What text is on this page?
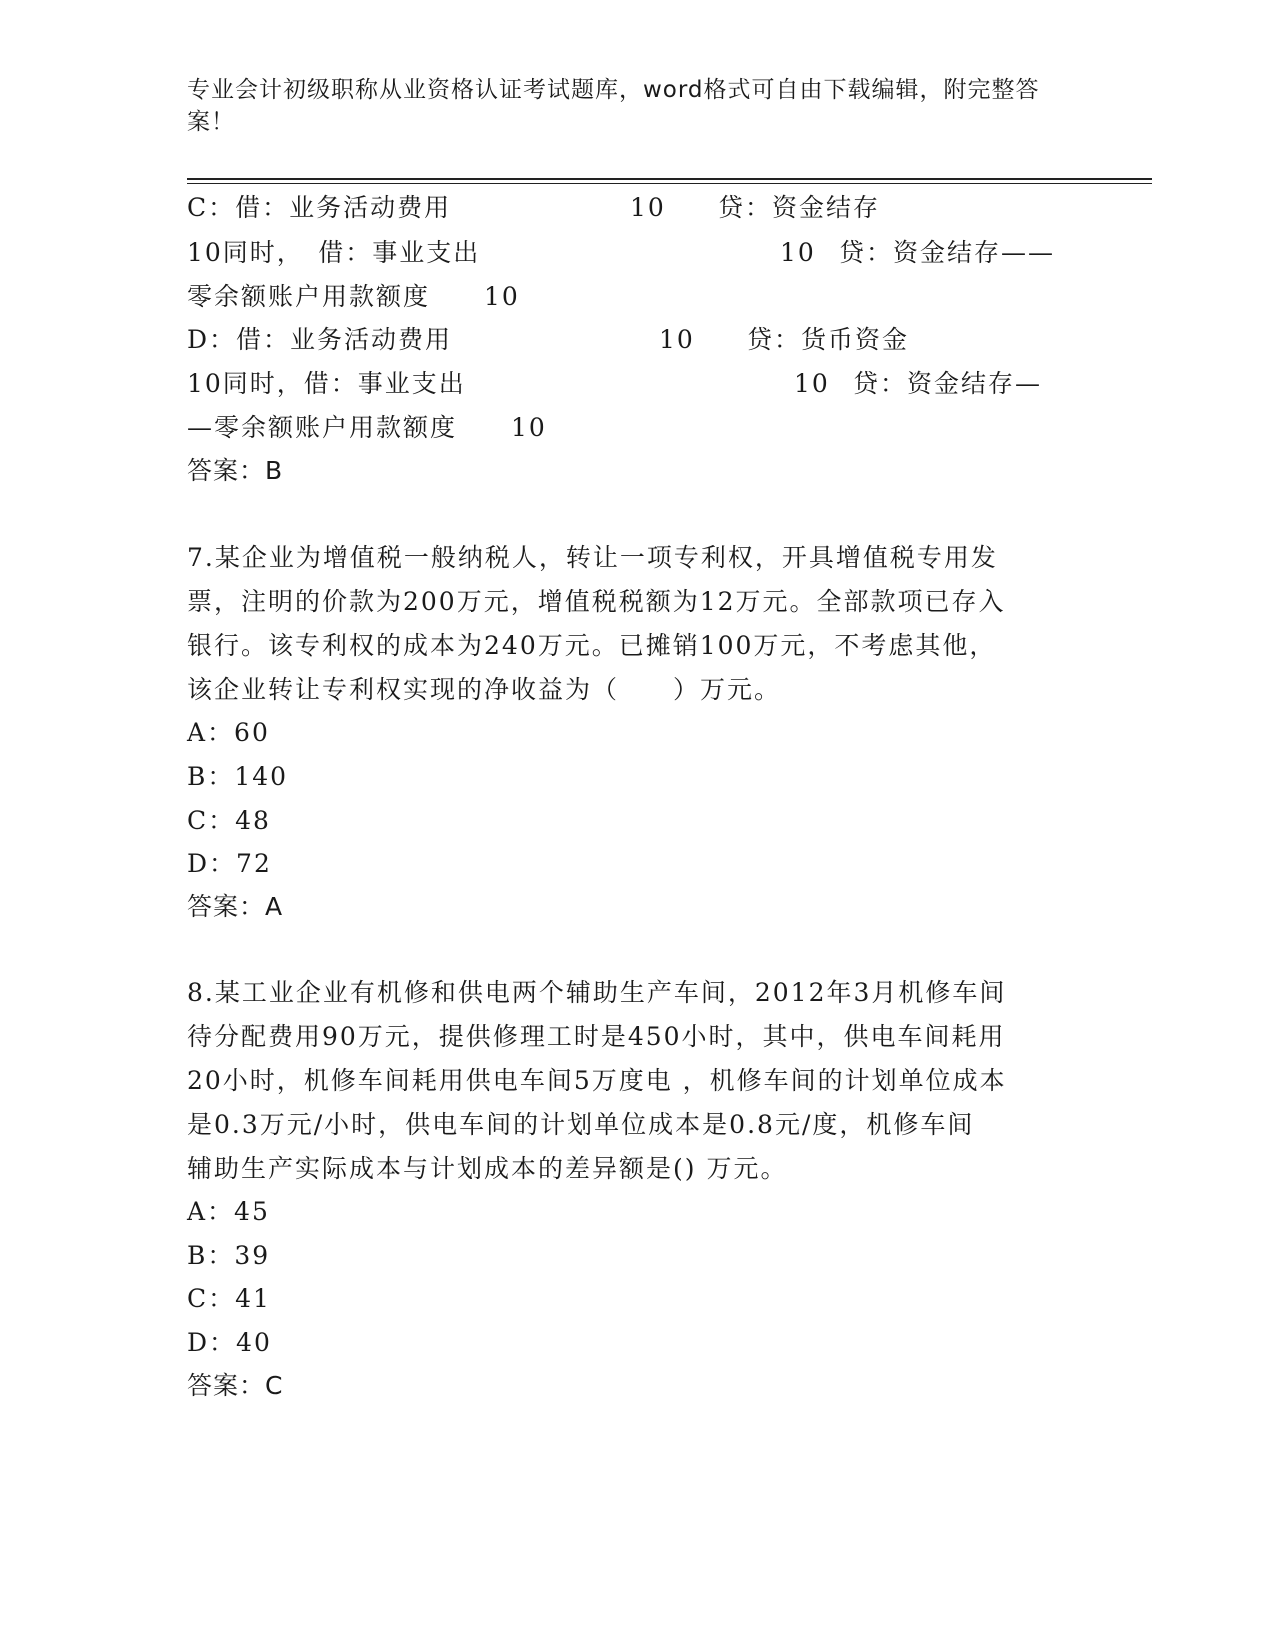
专业会计初级职称从业资格认证考试题库，word格式可自由下载编辑，附完整答
案！

C：借：业务活动费用

	10

贷：资金结存

10同时，　借：事业支出

	10

贷：资金结存——

零余额账户用款额度　　10

D：借：业务活动费用

	10

贷：货币资金

10同时，借：事业支出

	10

贷：资金结存—

—零余额账户用款额度　　10
答案：B
7.某企业为增值税一般纳税人，转让一项专利权，开具增值税专用发
票，注明的价款为200万元，增值税税额为12万元。全部款项已存入
银行。该专利权的成本为240万元。已摊销100万元，不考虑其他，
该企业转让专利权实现的净收益为（　　）万元。
A：60
B：140
C：48
D：72
答案：A
8.某工业企业有机修和供电两个辅助生产车间，2012年3月机修车间
待分配费用90万元，提供修理工时是450小时，其中，供电车间耗用
20小时，机修车间耗用供电车间5万度电 ，机修车间的计划单位成本
是0.3万元/小时，供电车间的计划单位成本是0.8元/度，机修车间
辅助生产实际成本与计划成本的差异额是() 万元。
A：45
B：39
C：41
D：40
答案：C
